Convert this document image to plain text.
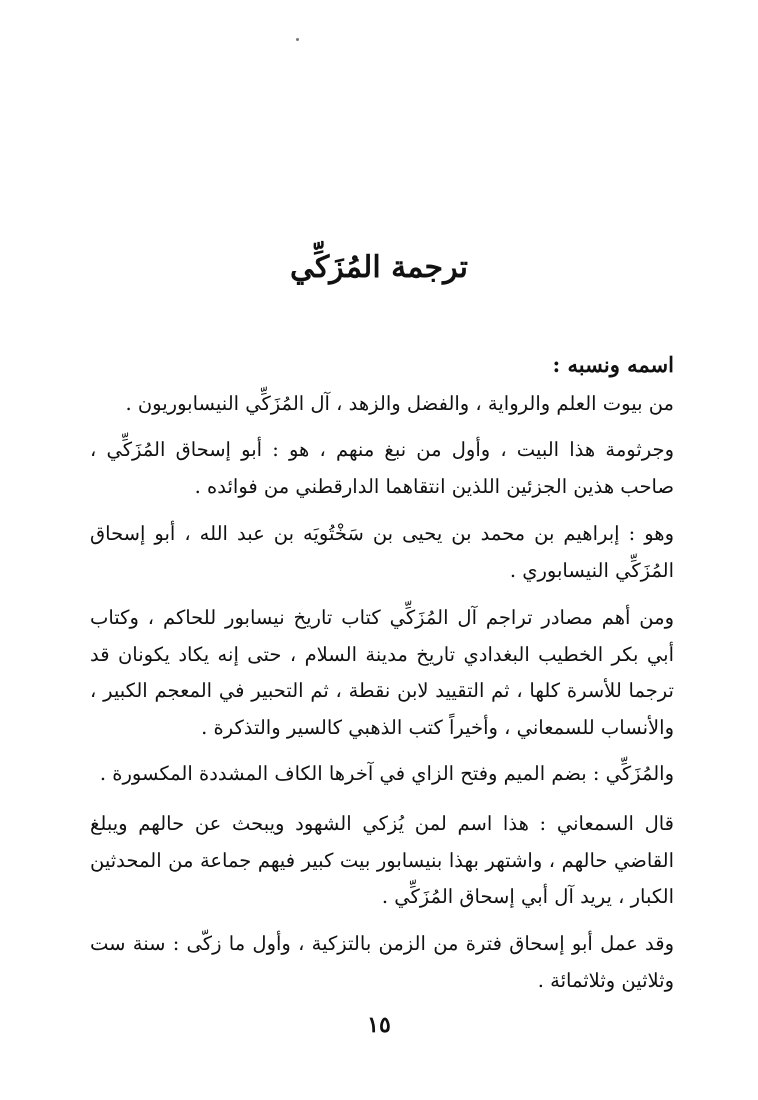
ترجمة المُزَكِّي
اسمه ونسبه :

من بيوت العلم والرواية ، والفضل والزهد ، آل المُزَكِّي النيسابوريون .

وجرثومة هذا البيت ، وأول من نبغ منهم ، هو : أبو إسحاق المُزَكِّي ، صاحب هذين الجزئين اللذين انتقاهما الدارقطني من فوائده .

وهو : إبراهيم بن محمد بن يحيى بن سَخْتُويَه بن عبد الله ، أبو إسحاق المُزَكِّي النيسابوري .

ومن أهم مصادر تراجم آل المُزَكِّي كتاب تاريخ نيسابور للحاكم ، وكتاب أبي بكر الخطيب البغدادي تاريخ مدينة السلام ، حتى إنه يكاد يكونان قد ترجما للأسرة كلها ، ثم التقييد لابن نقطة ، ثم التحبير في المعجم الكبير ، والأنساب للسمعاني ، وأخيراً كتب الذهبي كالسير والتذكرة .

والمُزَكِّي : بضم الميم وفتح الزاي في آخرها الكاف المشددة المكسورة .

قال السمعاني : هذا اسم لمن يُزكي الشهود ويبحث عن حالهم ويبلغ القاضي حالهم ، واشتهر بهذا بنيسابور بيت كبير فيهم جماعة من المحدثين الكبار ، يريد آل أبي إسحاق المُزَكِّي .

وقد عمل أبو إسحاق فترة من الزمن بالتزكية ، وأول ما زكّى : سنة ست وثلاثين وثلاثمائة .

١٥
